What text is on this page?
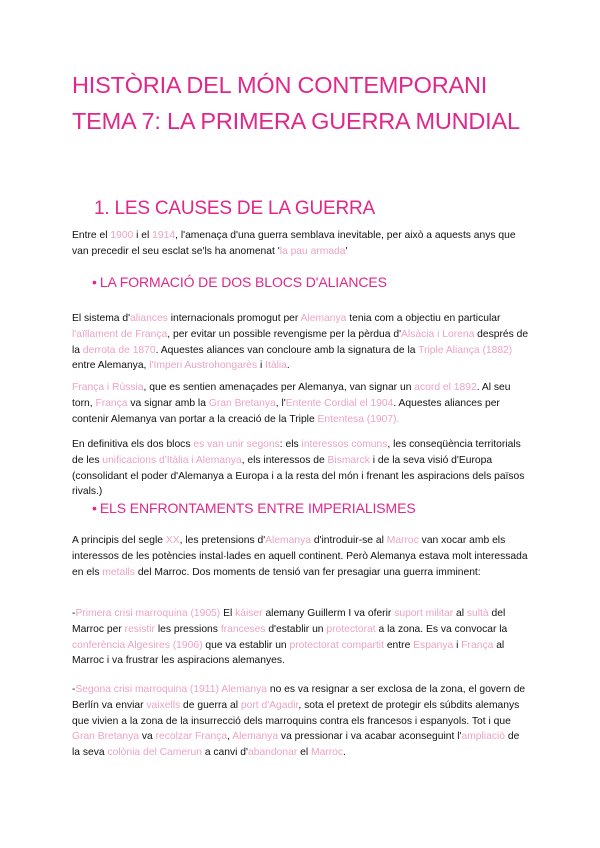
HISTÒRIA DEL MÓN CONTEMPORANI TEMA 7: LA PRIMERA GUERRA MUNDIAL
1. LES CAUSES DE LA GUERRA

Entre el 1900 i el 1914, l'amenaça d'una guerra semblava inevitable, per això a aquests anys que van precedir el seu esclat se'ls ha anomenat 'la pau armada'

• LA FORMACIÓ DE DOS BLOCS D'ALIANCES

El sistema d'aliances internacionals promogut per Alemanya tenia com a objectiu en particular l'aïllament de França, per evitar un possible revengisme per la pèrdua d'Alsàcia i Lorena després de la derrota de 1870. Aquestes aliances van concloure amb la signatura de la Triple Aliança (1882) entre Alemanya, l'Imperi Austrohongarès i Itàlia.

França i Rússia, que es sentien amenaçades per Alemanya, van signar un acord el 1892. Al seu torn, França va signar amb la Gran Bretanya, l'Entente Cordial el 1904. Aquestes aliances per contenir Alemanya van portar a la creació de la Triple Ententesa (1907).

En definitiva els dos blocs es van unir segons: els interessos comuns, les conseqüència territorials de les unificacions d'Itàlia i Alemanya, els interessos de Bismarck i de la seva visió d'Europa (consolidant el poder d'Alemanya a Europa i a la resta del món i frenant les aspiracions dels països rivals.)

• ELS ENFRONTAMENTS ENTRE IMPERIALISMES

A principis del segle XX, les pretensions d'Alemanya d'introduir-se al Marroc van xocar amb els interessos de les potències instal·lades en aquell continent. Però Alemanya estava molt interessada en els metalls del Marroc. Dos moments de tensió van fer presagiar una guerra imminent:

-Primera crisi marroquina (1905) El káiser alemany Guillerm I va oferir suport militar al sultà del Marroc per resistir les pressions franceses d'establir un protectorat a la zona. Es va convocar la conferència Algesires (1906) que va establir un protectorat compartit entre Espanya i França al Marroc i va frustrar les aspiracions alemanyes.

-Segona crisi marroquina (1911) Alemanya no es va resignar a ser exclosa de la zona, el govern de Berlín va enviar vaixells de guerra al port d'Agadir, sota el pretext de protegir els súbdits alemanys que vivien a la zona de la insurrecció dels marroquins contra els francesos i espanyols. Tot i que Gran Bretanya va recolzar França, Alemanya va pressionar i va acabar aconseguint l'ampliació de la seva colònia del Camerun a canvi d'abandonar el Marroc.
